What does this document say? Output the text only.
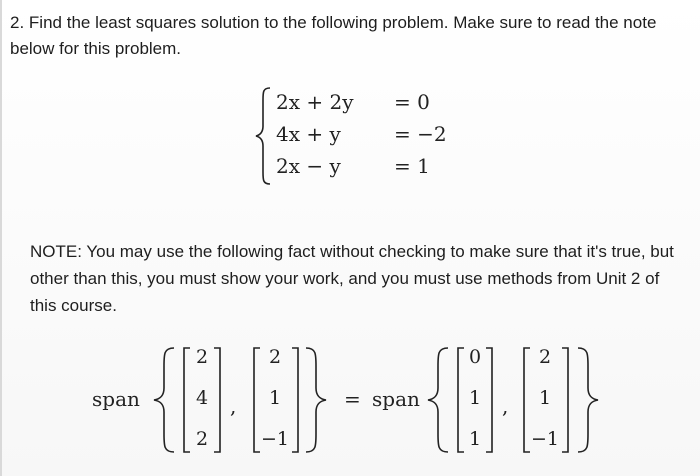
2. Find the least squares solution to the following problem. Make sure to read the note below for this problem.

2x + 2y = 0
4x + y	= −2
2x − y	= 1

NOTE: You may use the following fact without checking to make sure that it's true, but other than this, you must show your work, and you must use methods from Unit 2 of this course.

span
2
4
2
,
2
1
−1
= span
0
1
1
,
2
1
−1
